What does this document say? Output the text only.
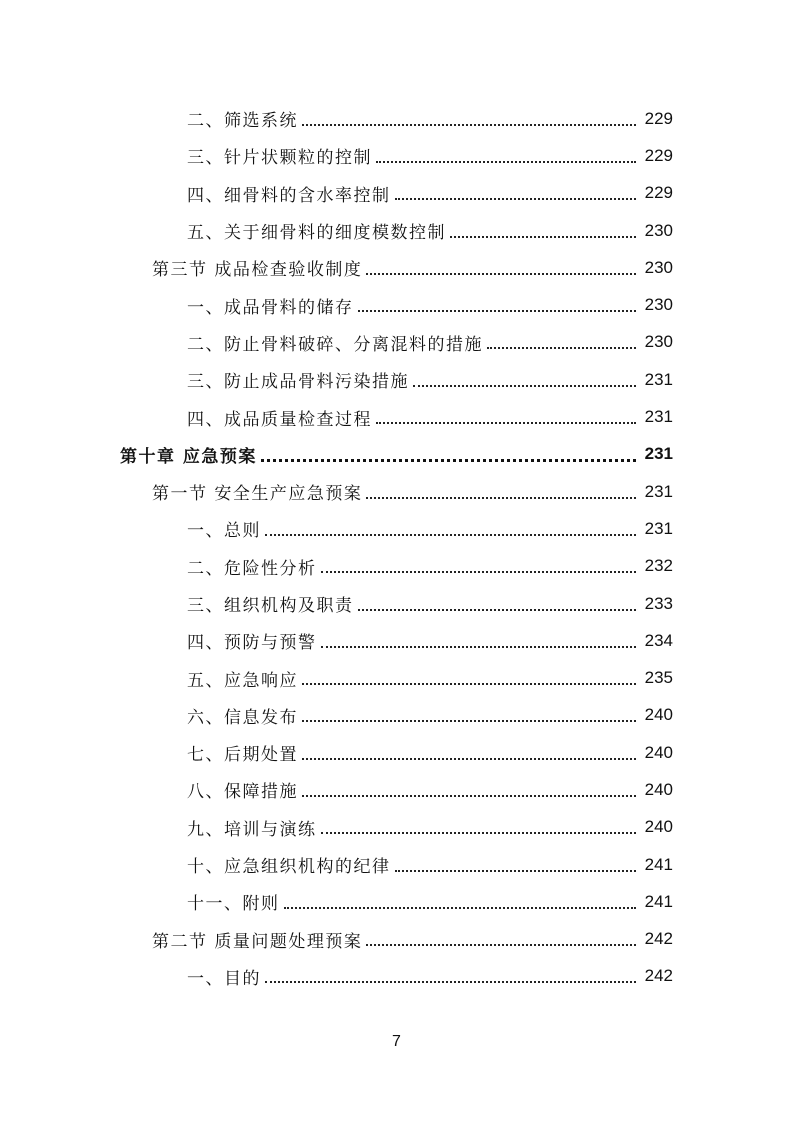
二、筛选系统	229
三、针片状颗粒的控制	229
四、细骨料的含水率控制	229
五、关于细骨料的细度模数控制	230
第三节 成品检查验收制度	230
一、成品骨料的储存	230
二、防止骨料破碎、分离混料的措施	230
三、防止成品骨料污染措施	231
四、成品质量检查过程	231
第十章 应急预案	231
第一节 安全生产应急预案	231
一、总则	231
二、危险性分析	232
三、组织机构及职责	233
四、预防与预警	234
五、应急响应	235
六、信息发布	240
七、后期处置	240
八、保障措施	240
九、培训与演练	240
十、应急组织机构的纪律	241
十一、附则	241
第二节 质量问题处理预案	242
一、目的	242
7
